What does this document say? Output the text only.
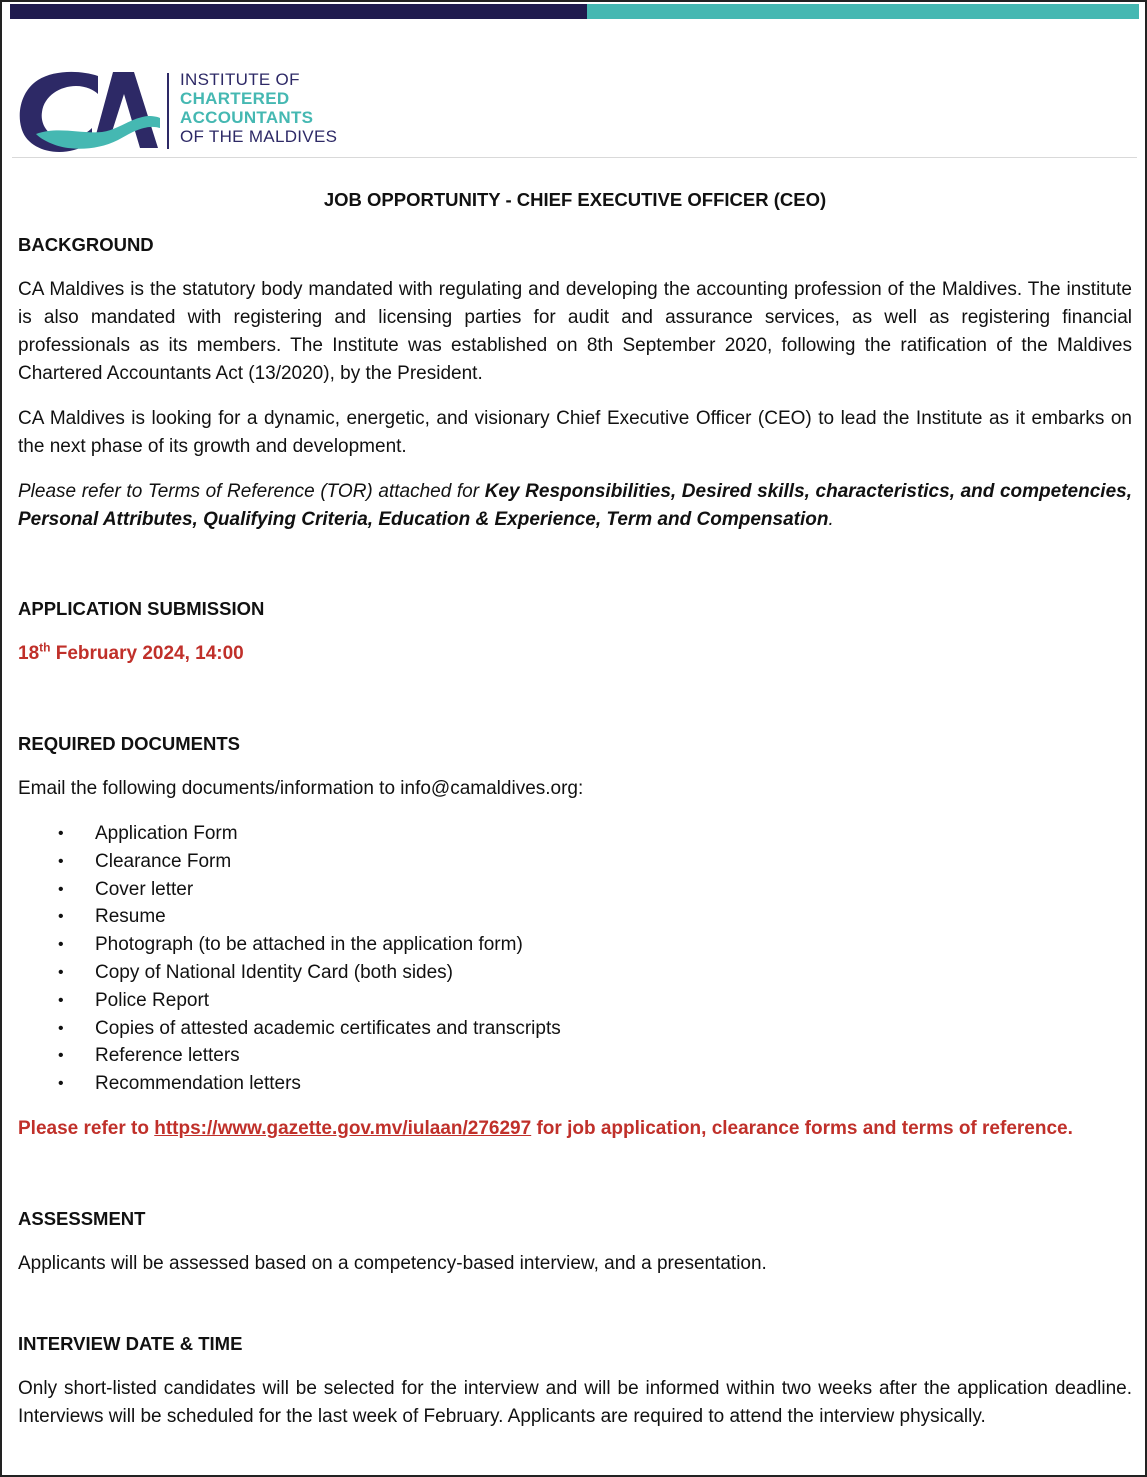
INSTITUTE OF
CHARTERED
ACCOUNTANTS
OF THE MALDIVES

JOB OPPORTUNITY - CHIEF EXECUTIVE OFFICER (CEO)

BACKGROUND

CA Maldives is the statutory body mandated with regulating and developing the accounting profession of the Maldives. The institute is also mandated with registering and licensing parties for audit and assurance services, as well as registering financial professionals as its members. The Institute was established on 8th September 2020, following the ratification of the Maldives Chartered Accountants Act (13/2020), by the President.

CA Maldives is looking for a dynamic, energetic, and visionary Chief Executive Officer (CEO) to lead the Institute as it embarks on the next phase of its growth and development.

Please refer to Terms of Reference (TOR) attached for Key Responsibilities, Desired skills, characteristics, and competencies, Personal Attributes, Qualifying Criteria, Education & Experience, Term and Compensation.

APPLICATION SUBMISSION

18th February 2024, 14:00

REQUIRED DOCUMENTS

Email the following documents/information to info@camaldives.org:

• Application Form
• Clearance Form
• Cover letter
• Resume
• Photograph (to be attached in the application form)
• Copy of National Identity Card (both sides)
• Police Report
• Copies of attested academic certificates and transcripts
• Reference letters
• Recommendation letters

Please refer to https://www.gazette.gov.mv/iulaan/276297 for job application, clearance forms and terms of reference.

ASSESSMENT

Applicants will be assessed based on a competency-based interview, and a presentation.

INTERVIEW DATE & TIME

Only short-listed candidates will be selected for the interview and will be informed within two weeks after the application deadline. Interviews will be scheduled for the last week of February. Applicants are required to attend the interview physically.
